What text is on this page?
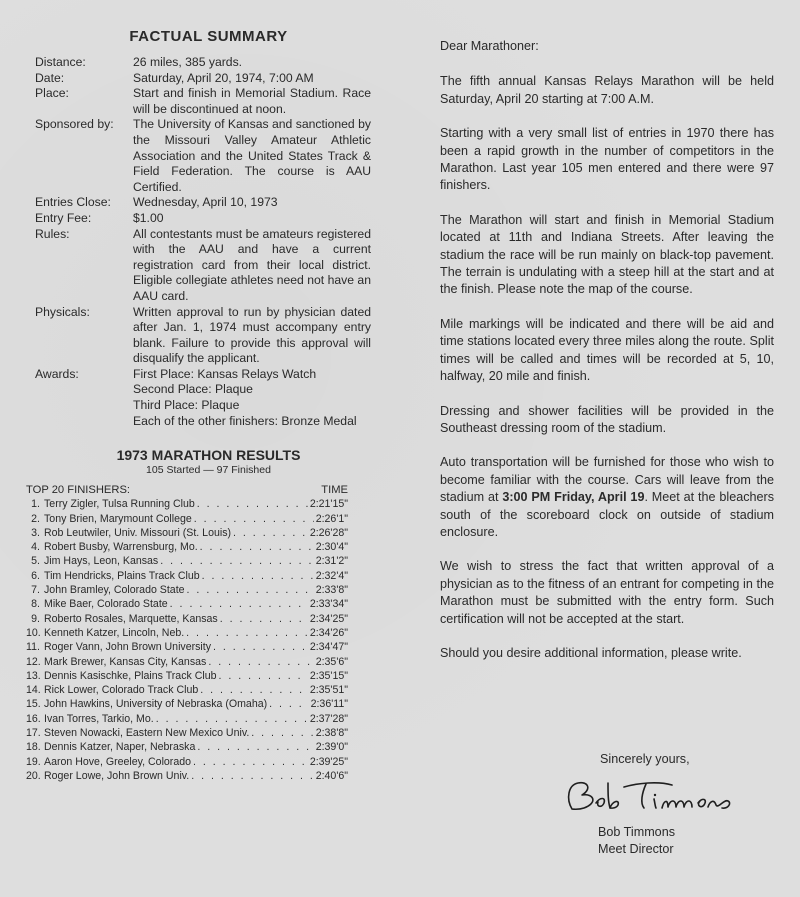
FACTUAL SUMMARY
Distance:	26 miles, 385 yards.
Date:	Saturday, April 20, 1974, 7:00 AM
Place:	Start and finish in Memorial Stadium. Race will be discontinued at noon.
Sponsored by:	The University of Kansas and sanctioned by the Missouri Valley Amateur Athletic Association and the United States Track & Field Federation. The course is AAU Certified.
Entries Close:	Wednesday, April 10, 1973
Entry Fee:	$1.00
Rules:	All contestants must be amateurs registered with the AAU and have a current registration card from their local district. Eligible collegiate athletes need not have an AAU card.
Physicals:	Written approval to run by physician dated after Jan. 1, 1974 must accompany entry blank. Failure to provide this approval will disqualify the applicant.
Awards:	First Place: Kansas Relays Watch

Second Place: Plaque

Third Place: Plaque

Each of the other finishers: Bronze Medal

1973 MARATHON RESULTS
105 Started — 97 Finished
TOP 20 FINISHERS:	TIME
1. Terry Zigler, Tulsa Running Club . . .	2:21'15"
2. Tony Brien, Marymount College . . .	2:26'1"
3. Rob Leutwiler, Univ. Missouri (St. Louis) . . .	2:26'28"
4. Robert Busby, Warrensburg, Mo. . . .	2:30'4"
5. Jim Hays, Leon, Kansas . . .	2:31'2"
6. Tim Hendricks, Plains Track Club . . .	2:32'4"
7. John Bramley, Colorado State . . .	2:33'8"
8. Mike Baer, Colorado State . . .	2:33'34"
9. Roberto Rosales, Marquette, Kansas . . .	2:34'25"
10. Kenneth Katzer, Lincoln, Neb. . . .	2:34'26"
11. Roger Vann, John Brown University . . .	2:34'47"
12. Mark Brewer, Kansas City, Kansas . . .	2:35'6"
13. Dennis Kasischke, Plains Track Club . . .	2:35'15"
14. Rick Lower, Colorado Track Club . . .	2:35'51"
15. John Hawkins, University of Nebraska (Omaha) . . .	2:36'11"
16. Ivan Torres, Tarkio, Mo. . . .	2:37'28"
17. Steven Nowacki, Eastern New Mexico Univ. . . .	2:38'8"
18. Dennis Katzer, Naper, Nebraska . . .	2:39'0"
19. Aaron Hove, Greeley, Colorado . . .	2:39'25"
20. Roger Lowe, John Brown Univ. . . .	2:40'6"

Dear Marathoner:

The fifth annual Kansas Relays Marathon will be held Saturday, April 20 starting at 7:00 A.M.

Starting with a very small list of entries in 1970 there has been a rapid growth in the number of competitors in the Marathon. Last year 105 men entered and there were 97 finishers.

The Marathon will start and finish in Memorial Stadium located at 11th and Indiana Streets. After leaving the stadium the race will be run mainly on black-top pavement. The terrain is undulating with a steep hill at the start and at the finish. Please note the map of the course.

Mile markings will be indicated and there will be aid and time stations located every three miles along the route. Split times will be called and times will be recorded at 5, 10, halfway, 20 mile and finish.

Dressing and shower facilities will be provided in the Southeast dressing room of the stadium.

Auto transportation will be furnished for those who wish to become familiar with the course. Cars will leave from the stadium at 3:00 PM Friday, April 19. Meet at the bleachers south of the scoreboard clock on outside of stadium enclosure.

We wish to stress the fact that written approval of a physician as to the fitness of an entrant for competing in the Marathon must be submitted with the entry form. Such certification will not be accepted at the start.

Should you desire additional information, please write.

Sincerely yours,
Bob Timmons
Meet Director
